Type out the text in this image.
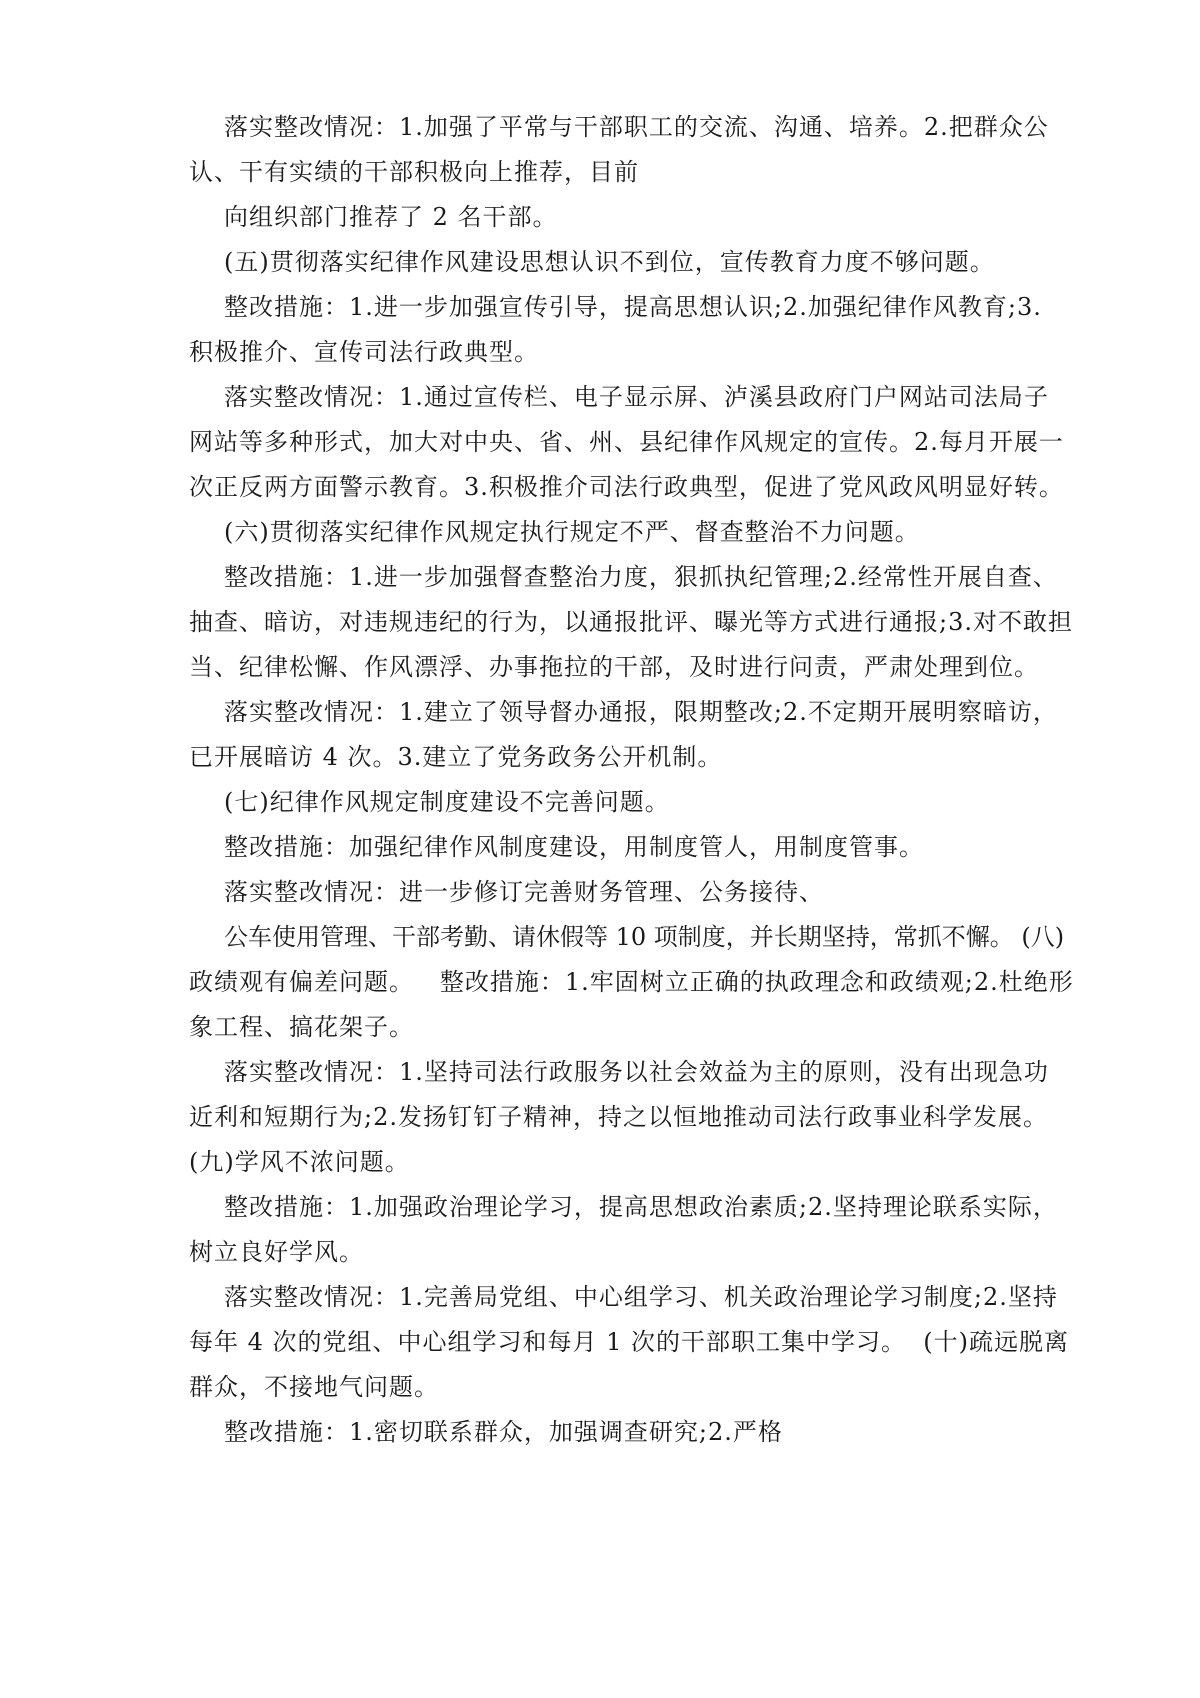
落实整改情况：1.加强了平常与干部职工的交流、沟通、培养。2.把群众公
认、干有实绩的干部积极向上推荐，目前
向组织部门推荐了 2 名干部。
(五)贯彻落实纪律作风建设思想认识不到位，宣传教育力度不够问题。
整改措施：1.进一步加强宣传引导，提高思想认识;2.加强纪律作风教育;3.
积极推介、宣传司法行政典型。
落实整改情况：1.通过宣传栏、电子显示屏、泸溪县政府门户网站司法局子
网站等多种形式，加大对中央、省、州、县纪律作风规定的宣传。2.每月开展一
次正反两方面警示教育。3.积极推介司法行政典型，促进了党风政风明显好转。
(六)贯彻落实纪律作风规定执行规定不严、督查整治不力问题。
整改措施：1.进一步加强督查整治力度，狠抓执纪管理;2.经常性开展自查、
抽查、暗访，对违规违纪的行为，以通报批评、曝光等方式进行通报;3.对不敢担
当、纪律松懈、作风漂浮、办事拖拉的干部，及时进行问责，严肃处理到位。
落实整改情况：1.建立了领导督办通报，限期整改;2.不定期开展明察暗访，
已开展暗访 4 次。3.建立了党务政务公开机制。
(七)纪律作风规定制度建设不完善问题。
整改措施：加强纪律作风制度建设，用制度管人，用制度管事。
落实整改情况：进一步修订完善财务管理、公务接待、
公车使用管理、干部考勤、请休假等 10 项制度，并长期坚持，常抓不懈。 (八)
政绩观有偏差问题。   整改措施：1.牢固树立正确的执政理念和政绩观;2.杜绝形
象工程、搞花架子。
落实整改情况：1.坚持司法行政服务以社会效益为主的原则，没有出现急功
近利和短期行为;2.发扬钉钉子精神，持之以恒地推动司法行政事业科学发展。
(九)学风不浓问题。
整改措施：1.加强政治理论学习，提高思想政治素质;2.坚持理论联系实际，
树立良好学风。
落实整改情况：1.完善局党组、中心组学习、机关政治理论学习制度;2.坚持
每年 4 次的党组、中心组学习和每月 1 次的干部职工集中学习。  (十)疏远脱离
群众，不接地气问题。
整改措施：1.密切联系群众，加强调查研究;2.严格
